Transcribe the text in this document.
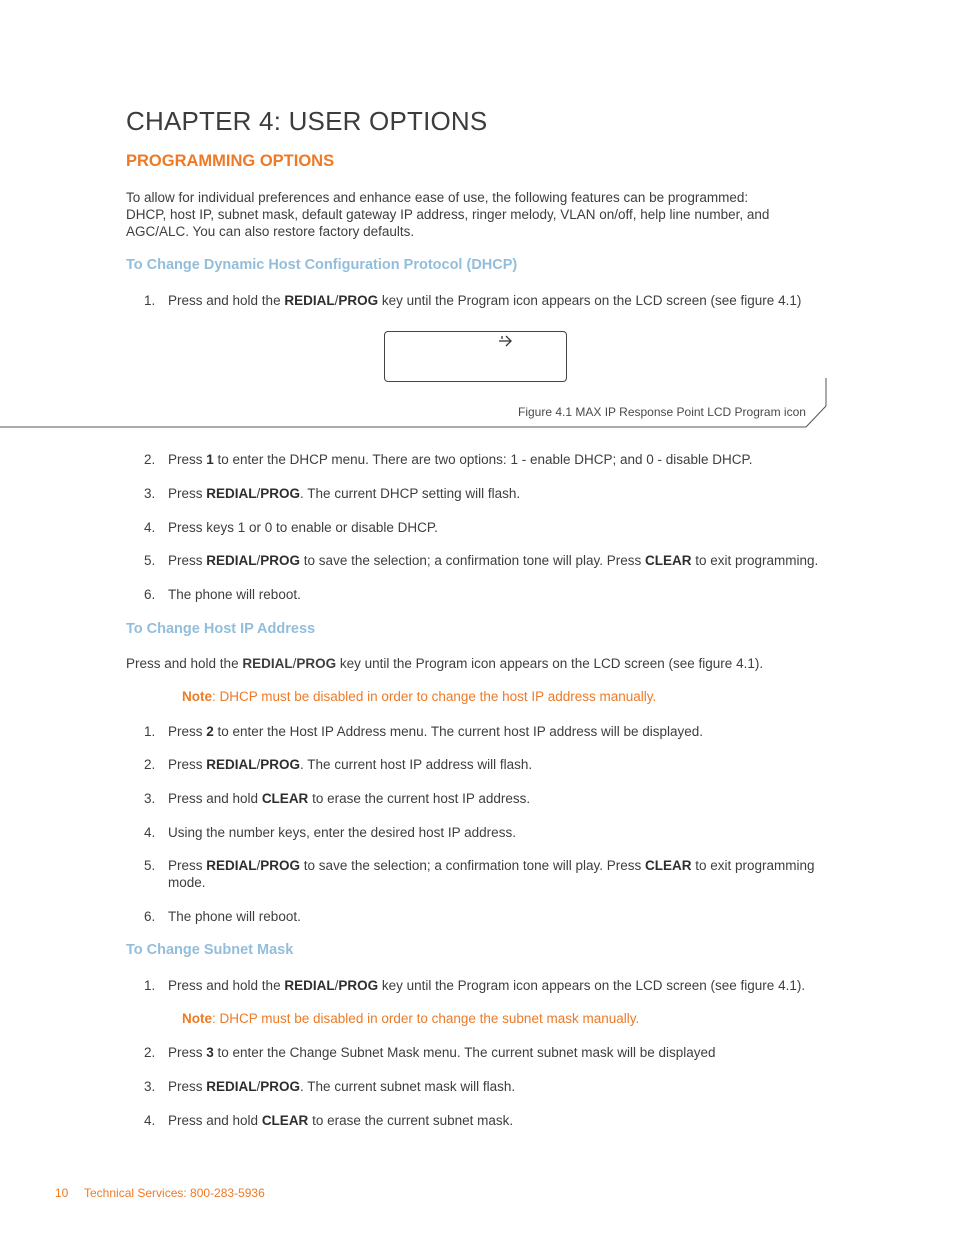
CHAPTER 4: USER OPTIONS
PROGRAMMING OPTIONS
To allow for individual preferences and enhance ease of use, the following features can be programmed:
DHCP, host IP, subnet mask, default gateway IP address, ringer melody, VLAN on/off, help line number, and
AGC/ALC. You can also restore factory defaults.
To Change Dynamic Host Configuration Protocol (DHCP)
1. Press and hold the REDIAL/PROG key until the Program icon appears on the LCD screen (see figure 4.1)
Figure 4.1 MAX IP Response Point LCD Program icon
2. Press 1 to enter the DHCP menu. There are two options: 1 - enable DHCP; and 0 - disable DHCP.
3. Press REDIAL/PROG. The current DHCP setting will flash.
4. Press keys 1 or 0 to enable or disable DHCP.
5. Press REDIAL/PROG to save the selection; a confirmation tone will play. Press CLEAR to exit programming.
6. The phone will reboot.
To Change Host IP Address
Press and hold the REDIAL/PROG key until the Program icon appears on the LCD screen (see figure 4.1).
Note: DHCP must be disabled in order to change the host IP address manually.
1. Press 2 to enter the Host IP Address menu. The current host IP address will be displayed.
2. Press REDIAL/PROG. The current host IP address will flash.
3. Press and hold CLEAR to erase the current host IP address.
4. Using the number keys, enter the desired host IP address.
5. Press REDIAL/PROG to save the selection; a confirmation tone will play. Press CLEAR to exit programming
mode.
6. The phone will reboot.
To Change Subnet Mask
1. Press and hold the REDIAL/PROG key until the Program icon appears on the LCD screen (see figure 4.1).
Note: DHCP must be disabled in order to change the subnet mask manually.
2. Press 3 to enter the Change Subnet Mask menu. The current subnet mask will be displayed
3. Press REDIAL/PROG. The current subnet mask will flash.
4. Press and hold CLEAR to erase the current subnet mask.
10 Technical Services: 800-283-5936
